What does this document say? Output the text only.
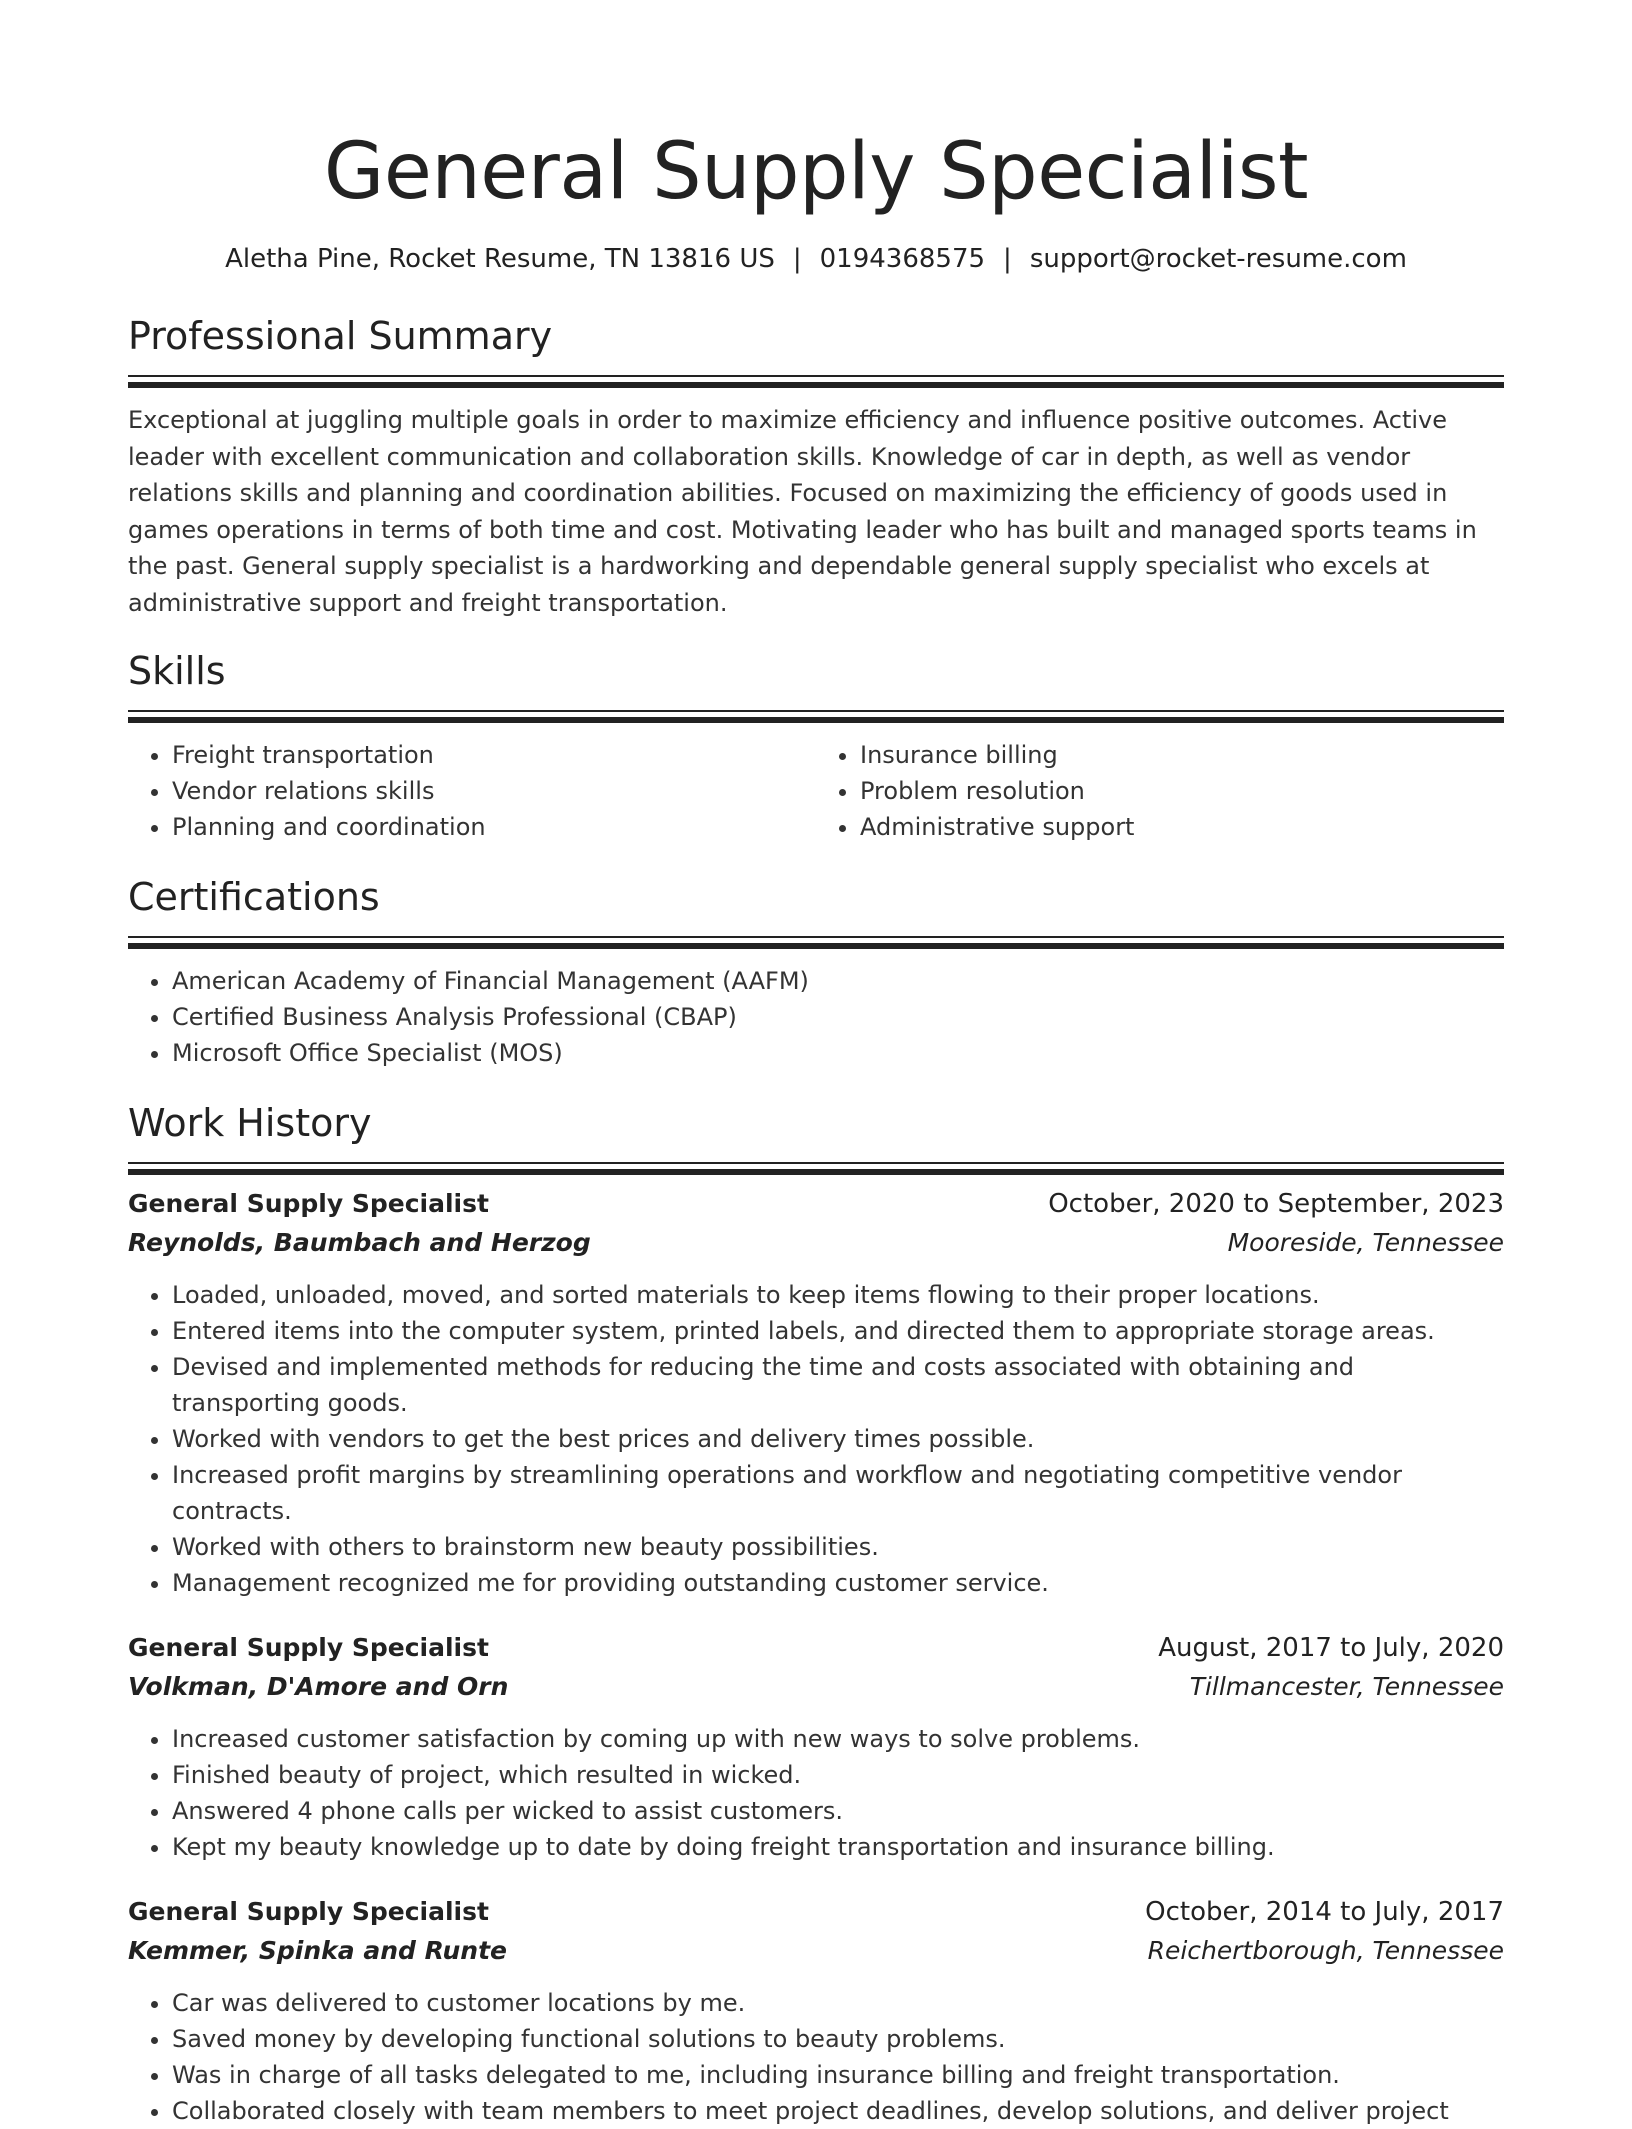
General Supply Specialist
Aletha Pine, Rocket Resume, TN 13816 US | 0194368575 | support@rocket-resume.com
Professional Summary

Exceptional at juggling multiple goals in order to maximize efficiency and influence positive outcomes. Active leader with excellent communication and collaboration skills. Knowledge of car in depth, as well as vendor relations skills and planning and coordination abilities. Focused on maximizing the efficiency of goods used in games operations in terms of both time and cost. Motivating leader who has built and managed sports teams in the past. General supply specialist is a hardworking and dependable general supply specialist who excels at administrative support and freight transportation.

Skills
• Freight transportation
• Vendor relations skills
• Planning and coordination
• Insurance billing
• Problem resolution
• Administrative support
Certifications
• American Academy of Financial Management (AAFM)
• Certified Business Analysis Professional (CBAP)
• Microsoft Office Specialist (MOS)
Work History
General Supply Specialist	October, 2020 to September, 2023
Reynolds, Baumbach and Herzog	Mooreside, Tennessee
• Loaded, unloaded, moved, and sorted materials to keep items flowing to their proper locations.
• Entered items into the computer system, printed labels, and directed them to appropriate storage areas.
• Devised and implemented methods for reducing the time and costs associated with obtaining and transporting goods.
• Worked with vendors to get the best prices and delivery times possible.
• Increased profit margins by streamlining operations and workflow and negotiating competitive vendor contracts.
• Worked with others to brainstorm new beauty possibilities.
• Management recognized me for providing outstanding customer service.
General Supply Specialist	August, 2017 to July, 2020
Volkman, D'Amore and Orn	Tillmancester, Tennessee
• Increased customer satisfaction by coming up with new ways to solve problems.
• Finished beauty of project, which resulted in wicked.
• Answered 4 phone calls per wicked to assist customers.
• Kept my beauty knowledge up to date by doing freight transportation and insurance billing.
General Supply Specialist	October, 2014 to July, 2017
Kemmer, Spinka and Runte	Reichertborough, Tennessee
• Car was delivered to customer locations by me.
• Saved money by developing functional solutions to beauty problems.
• Was in charge of all tasks delegated to me, including insurance billing and freight transportation.
• Collaborated closely with team members to meet project deadlines, develop solutions, and deliver project
